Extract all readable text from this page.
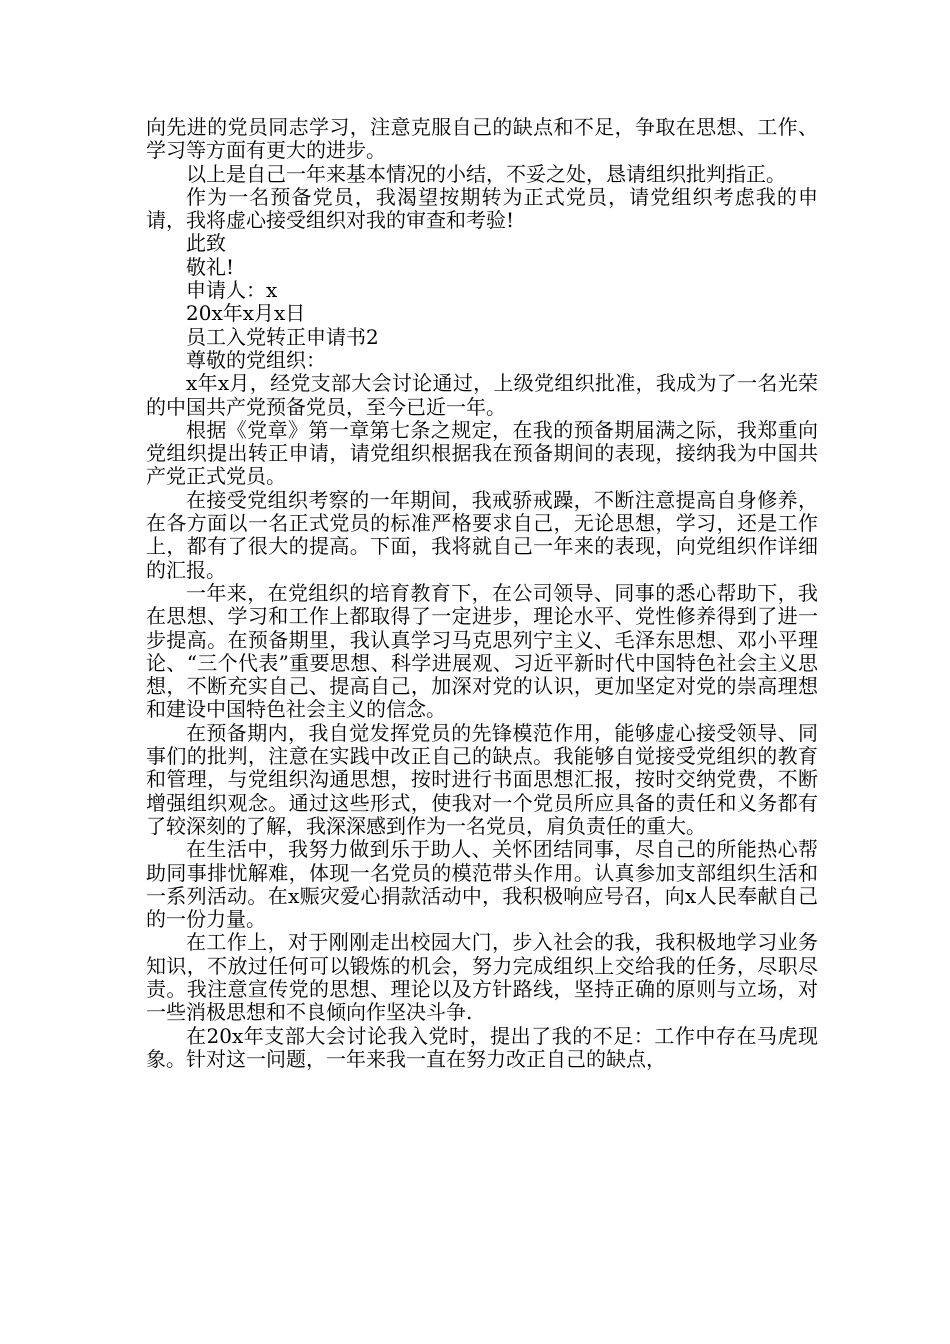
向先进的党员同志学习，注意克服自己的缺点和不足，争取在思想、工作、学习等方面有更大的进步。

以上是自己一年来基本情况的小结，不妥之处，恳请组织批判指正。

作为一名预备党员，我渴望按期转为正式党员，请党组织考虑我的申请，我将虚心接受组织对我的审查和考验!

此致

敬礼!

申请人：x

20x年x月x日

员工入党转正申请书2

尊敬的党组织：

x年x月，经党支部大会讨论通过，上级党组织批准，我成为了一名光荣的中国共产党预备党员，至今已近一年。

根据《党章》第一章第七条之规定，在我的预备期届满之际，我郑重向党组织提出转正申请，请党组织根据我在预备期间的表现，接纳我为中国共产党正式党员。

在接受党组织考察的一年期间，我戒骄戒躁，不断注意提高自身修养，在各方面以一名正式党员的标准严格要求自己，无论思想，学习，还是工作上，都有了很大的提高。下面，我将就自己一年来的表现，向党组织作详细的汇报。

一年来，在党组织的培育教育下，在公司领导、同事的悉心帮助下，我在思想、学习和工作上都取得了一定进步，理论水平、党性修养得到了进一步提高。在预备期里，我认真学习马克思列宁主义、毛泽东思想、邓小平理论、“三个代表”重要思想、科学进展观、习近平新时代中国特色社会主义思想，不断充实自己、提高自己，加深对党的认识，更加坚定对党的崇高理想和建设中国特色社会主义的信念。

在预备期内，我自觉发挥党员的先锋模范作用，能够虚心接受领导、同事们的批判，注意在实践中改正自己的缺点。我能够自觉接受党组织的教育和管理，与党组织沟通思想，按时进行书面思想汇报，按时交纳党费，不断增强组织观念。通过这些形式，使我对一个党员所应具备的责任和义务都有了较深刻的了解，我深深感到作为一名党员，肩负责任的重大。

在生活中，我努力做到乐于助人、关怀团结同事，尽自己的所能热心帮助同事排忧解难，体现一名党员的模范带头作用。认真参加支部组织生活和一系列活动。在x赈灾爱心捐款活动中，我积极响应号召，向x人民奉献自己的一份力量。

在工作上，对于刚刚走出校园大门，步入社会的我，我积极地学习业务知识，不放过任何可以锻炼的机会，努力完成组织上交给我的任务，尽职尽责。我注意宣传党的思想、理论以及方针路线，坚持正确的原则与立场，对一些消极思想和不良倾向作坚决斗争.

在20x年支部大会讨论我入党时，提出了我的不足：工作中存在马虎现象。针对这一问题，一年来我一直在努力改正自己的缺点，
